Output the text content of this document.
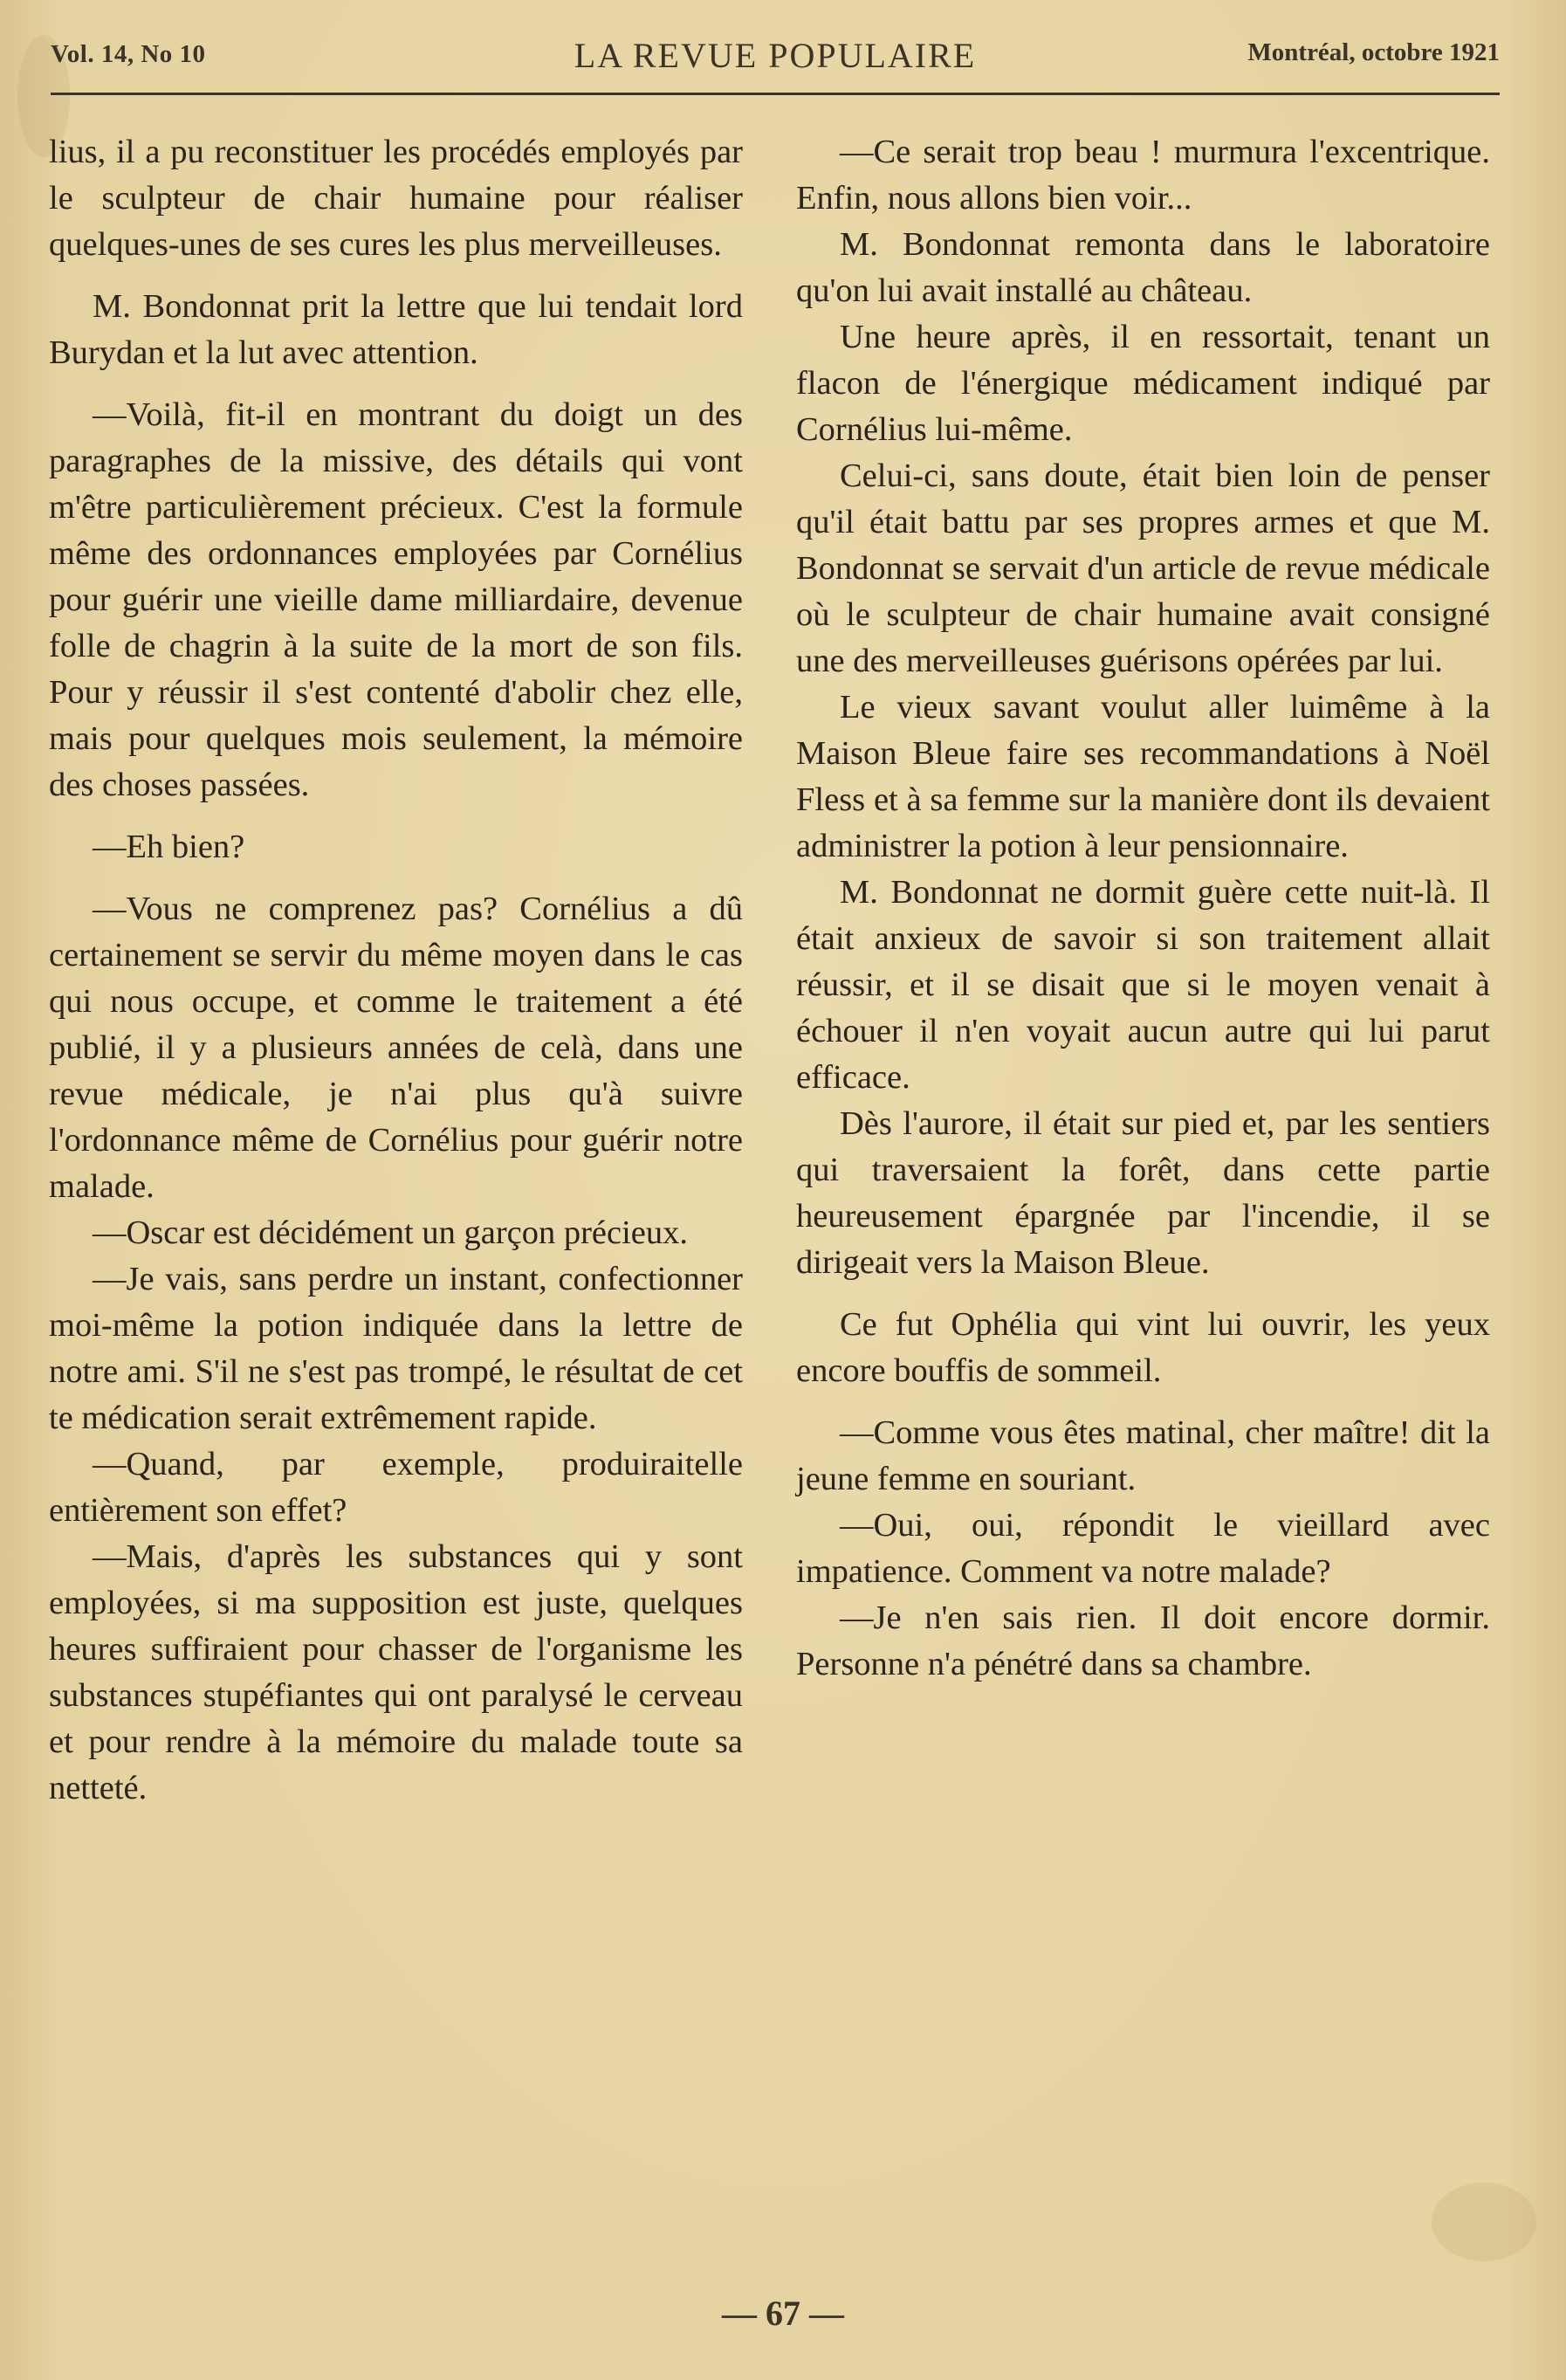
Vol. 14, No 10	LA REVUE POPULAIRE	Montréal, octobre 1921

lius, il a pu reconstituer les procédés employés par le sculpteur de chair humaine pour réaliser quelques-unes de ses cures les plus merveilleuses.

M. Bondonnat prit la lettre que lui tendait lord Burydan et la lut avec attention.

—Voilà, fit-il en montrant du doigt un des paragraphes de la missive, des détails qui vont m'être particulièrement précieux. C'est la formule même des ordonnances employées par Cornélius pour guérir une vieille dame milliardaire, devenue folle de chagrin à la suite de la mort de son fils. Pour y réussir il s'est contenté d'abolir chez elle, mais pour quelques mois seulement, la mémoire des choses passées.

—Eh bien?

—Vous ne comprenez pas? Cornélius a dû certainement se servir du même moyen dans le cas qui nous occupe, et comme le traitement a été publié, il y a plusieurs années de celà, dans une revue médicale, je n'ai plus qu'à suivre l'ordonnance même de Cornélius pour guérir notre malade.

—Oscar est décidément un garçon précieux.

—Je vais, sans perdre un instant, confectionner moi-même la potion indiquée dans la lettre de notre ami. S'il ne s'est pas trompé, le résultat de cet te médication serait extrêmement rapide.

—Quand, par exemple, produiraitelle entièrement son effet?

—Mais, d'après les substances qui y sont employées, si ma supposition est juste, quelques heures suffiraient pour chasser de l'organisme les substances stupéfiantes qui ont paralysé le cerveau et pour rendre à la mémoire du malade toute sa netteté.

—Ce serait trop beau ! murmura l'excentrique. Enfin, nous allons bien voir...

M. Bondonnat remonta dans le laboratoire qu'on lui avait installé au château.

Une heure après, il en ressortait, tenant un flacon de l'énergique médicament indiqué par Cornélius lui-même.

Celui-ci, sans doute, était bien loin de penser qu'il était battu par ses propres armes et que M. Bondonnat se servait d'un article de revue médicale où le sculpteur de chair humaine avait consigné une des merveilleuses guérisons opérées par lui.

Le vieux savant voulut aller luimême à la Maison Bleue faire ses recommandations à Noël Fless et à sa femme sur la manière dont ils devaient administrer la potion à leur pensionnaire.

M. Bondonnat ne dormit guère cette nuit-là. Il était anxieux de savoir si son traitement allait réussir, et il se disait que si le moyen venait à échouer il n'en voyait aucun autre qui lui parut efficace.

Dès l'aurore, il était sur pied et, par les sentiers qui traversaient la forêt, dans cette partie heureusement épargnée par l'incendie, il se dirigeait vers la Maison Bleue.

Ce fut Ophélia qui vint lui ouvrir, les yeux encore bouffis de sommeil.

—Comme vous êtes matinal, cher maître! dit la jeune femme en souriant.

—Oui, oui, répondit le vieillard avec impatience. Comment va notre malade?

—Je n'en sais rien. Il doit encore dormir. Personne n'a pénétré dans sa chambre.

— 67 —
